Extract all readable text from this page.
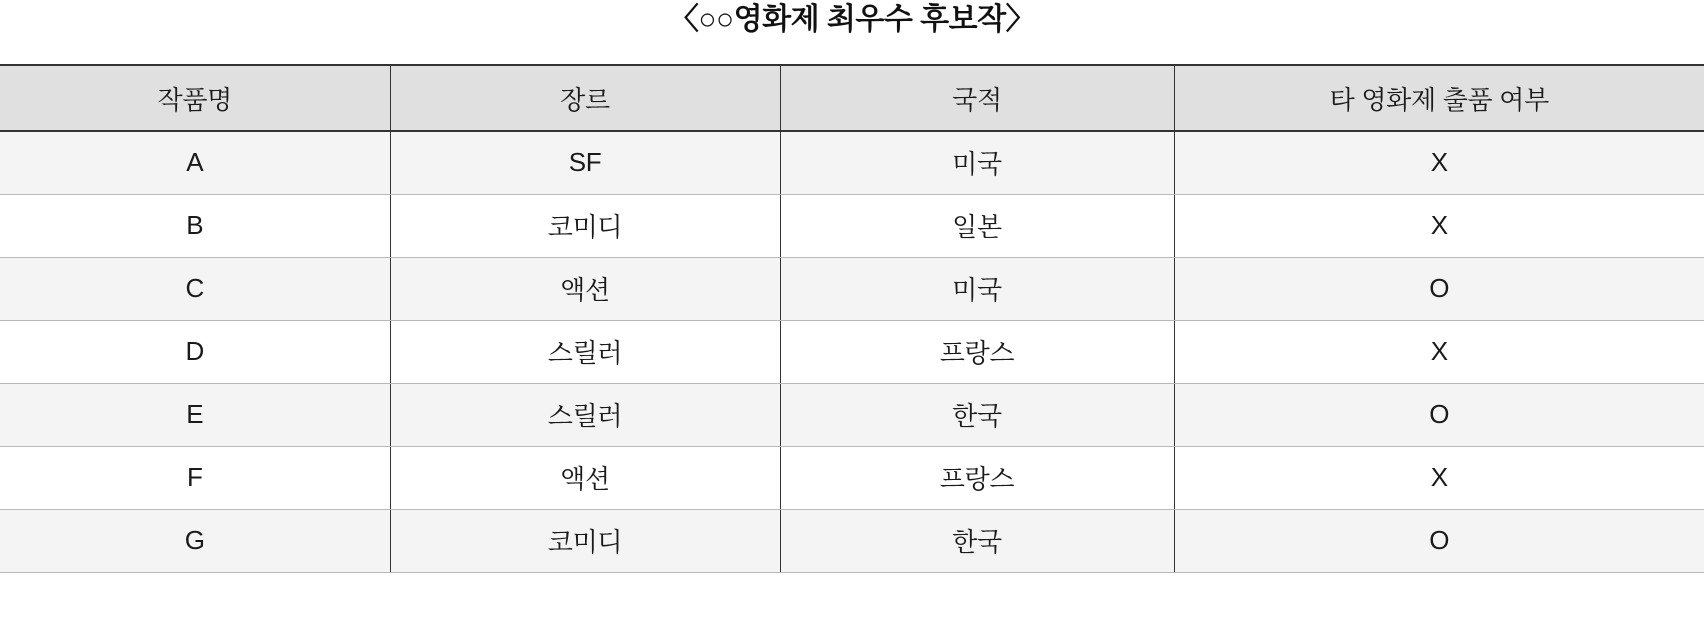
〈○○영화제 최우수 후보작〉
작품명	장르	국적	타 영화제 출품 여부
A	SF	미국	X
B	코미디	일본	X
C	액션	미국	O
D	스릴러	프랑스	X
E	스릴러	한국	O
F	액션	프랑스	X
G	코미디	한국	O
